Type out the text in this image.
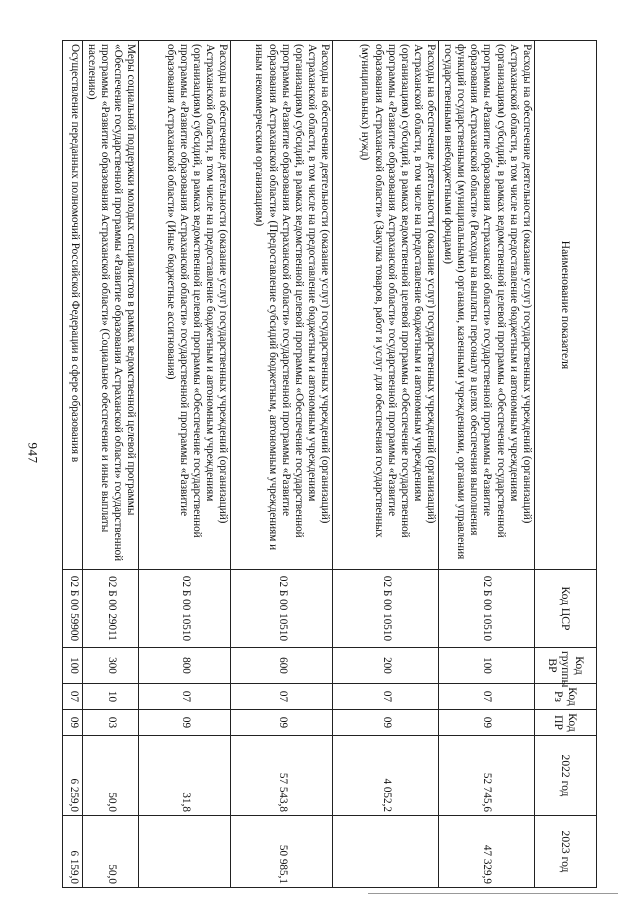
947
Наименование показателя	Код ЦСР	Код группы ВР	Код Рз	Код ПР	2022 год	2023 год
Расходы на обеспечение деятельности (оказание услуг) государственных учреждений (организаций) Астраханской области, в том числе на предоставление бюджетным и автономным учреждениям (организациям) субсидий, в рамках ведомственной целевой программы «Обеспечение государственной программы «Развитие образования Астраханской области» государственной программы «Развитие образования Астраханской области» (Расходы на выплаты персоналу в целях обеспечения выполнения функций государственными (муниципальными) органами, казенными учреждениями, органами управления государственными внебюджетными фондами)	02 Б 00 10510	100	07	09	52 745,6	47 329,9
Расходы на обеспечение деятельности (оказание услуг) государственных учреждений (организаций) Астраханской области, в том числе на предоставление бюджетным и автономным учреждениям (организациям) субсидий, в рамках ведомственной целевой программы «Обеспечение государственной программы «Развитие образования Астраханской области» государственной программы «Развитие образования Астраханской области» (Закупка товаров, работ и услуг для обеспечения государственных (муниципальных) нужд)	02 Б 00 10510	200	07	09	4 052,2	
Расходы на обеспечение деятельности (оказание услуг) государственных учреждений (организаций) Астраханской области, в том числе на предоставление бюджетным и автономным учреждениям (организациям) субсидий, в рамках ведомственной целевой программы «Обеспечение государственной программы «Развитие образования Астраханской области» государственной программы «Развитие образования Астраханской области» (Предоставление субсидий бюджетным, автономным учреждениям и иным некоммерческим организациям)	02 Б 00 10510	600	07	09	57 543,8	50 985,1
Расходы на обеспечение деятельности (оказание услуг) государственных учреждений (организаций) Астраханской области, в том числе на предоставление бюджетным и автономным учреждениям (организациям) субсидий, в рамках ведомственной целевой программы «Обеспечение государственной программы «Развитие образования Астраханской области» государственной программы «Развитие образования Астраханской области» (Иные бюджетные ассигнования)	02 Б 00 10510	800	07	09	31,8	
Меры социальной поддержки молодых специалистов в рамках ведомственной целевой программы «Обеспечение государственной программы «Развитие образования Астраханской области» государственной программы «Развитие образования Астраханской области» (Социальное обеспечение и иные выплаты населению)	02 Б 00 29011	300	10	03	50,0	50,0
Осуществление переданных полномочий Российской Федерации в сфере образования в	02 Б 00 59900	100	07	09	6 259,0	6 159,0
